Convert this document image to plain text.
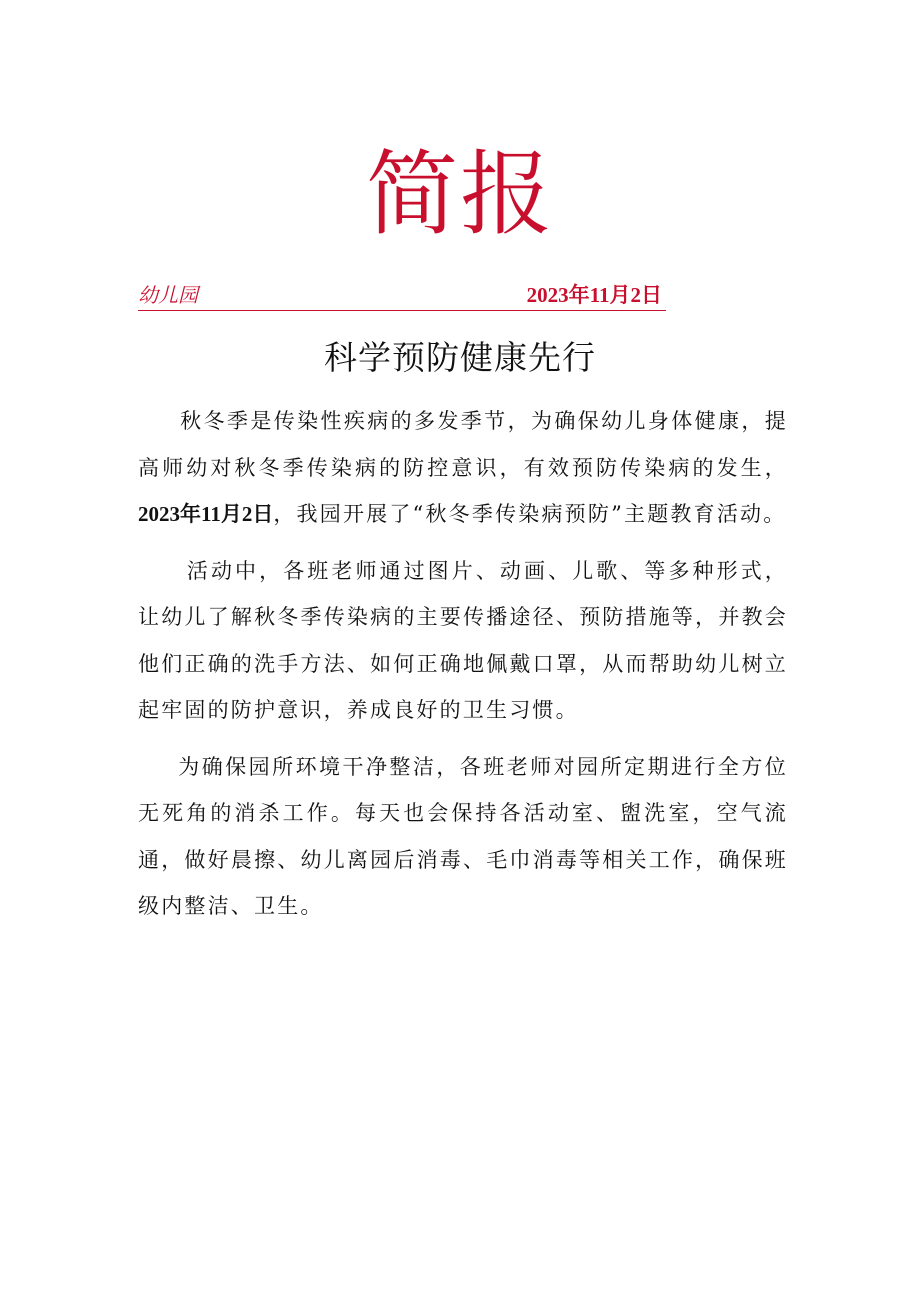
简报
幼儿园	2023年11月2日
科学预防健康先行

秋冬季是传染性疾病的多发季节，为确保幼儿身体健康，提高师幼对秋冬季传染病的防控意识，有效预防传染病的发生，2023年11月2日，我园开展了“秋冬季传染病预防”主题教育活动。

活动中，各班老师通过图片、动画、儿歌、等多种形式，让幼儿了解秋冬季传染病的主要传播途径、预防措施等，并教会他们正确的洗手方法、如何正确地佩戴口罩，从而帮助幼儿树立起牢固的防护意识，养成良好的卫生习惯。

为确保园所环境干净整洁，各班老师对园所定期进行全方位无死角的消杀工作。每天也会保持各活动室、盥洗室，空气流通，做好晨擦、幼儿离园后消毒、毛巾消毒等相关工作，确保班级内整洁、卫生。
